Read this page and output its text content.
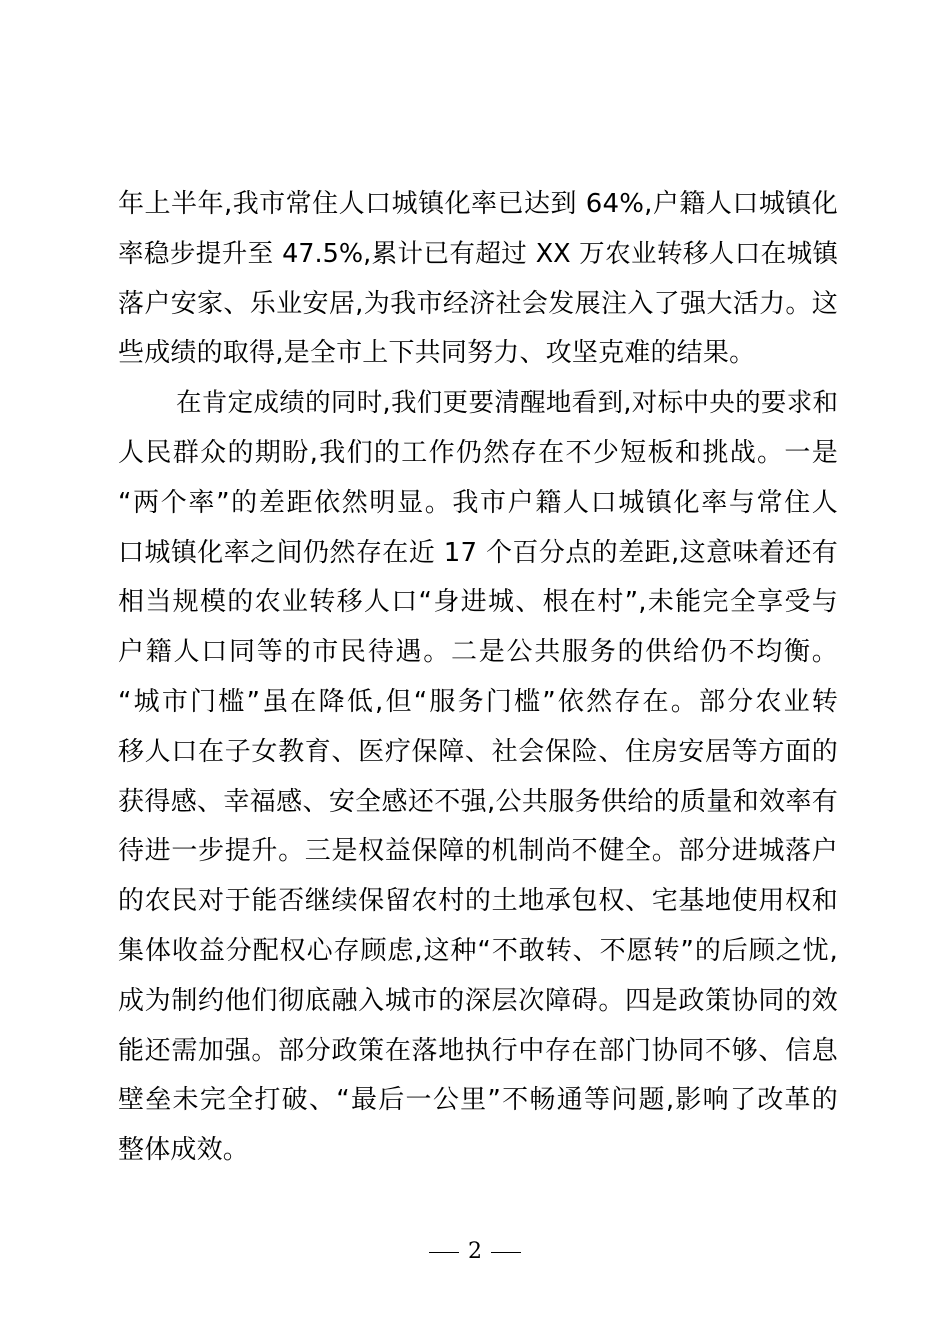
年上半年,我市常住人口城镇化率已达到 64%,户籍人口城镇化
率稳步提升至 47.5%,累计已有超过 XX 万农业转移人口在城镇
落户安家、乐业安居,为我市经济社会发展注入了强大活力。这
些成绩的取得,是全市上下共同努力、攻坚克难的结果。
在肯定成绩的同时,我们更要清醒地看到,对标中央的要求和
人民群众的期盼,我们的工作仍然存在不少短板和挑战。一是
“两个率”的差距依然明显。我市户籍人口城镇化率与常住人
口城镇化率之间仍然存在近 17 个百分点的差距,这意味着还有
相当规模的农业转移人口“身进城、根在村”,未能完全享受与
户籍人口同等的市民待遇。二是公共服务的供给仍不均衡。
“城市门槛”虽在降低,但“服务门槛”依然存在。部分农业转
移人口在子女教育、医疗保障、社会保险、住房安居等方面的
获得感、幸福感、安全感还不强,公共服务供给的质量和效率有
待进一步提升。三是权益保障的机制尚不健全。部分进城落户
的农民对于能否继续保留农村的土地承包权、宅基地使用权和
集体收益分配权心存顾虑,这种“不敢转、不愿转”的后顾之忧,
成为制约他们彻底融入城市的深层次障碍。四是政策协同的效
能还需加强。部分政策在落地执行中存在部门协同不够、信息
壁垒未完全打破、“最后一公里”不畅通等问题,影响了改革的
整体成效。
2
